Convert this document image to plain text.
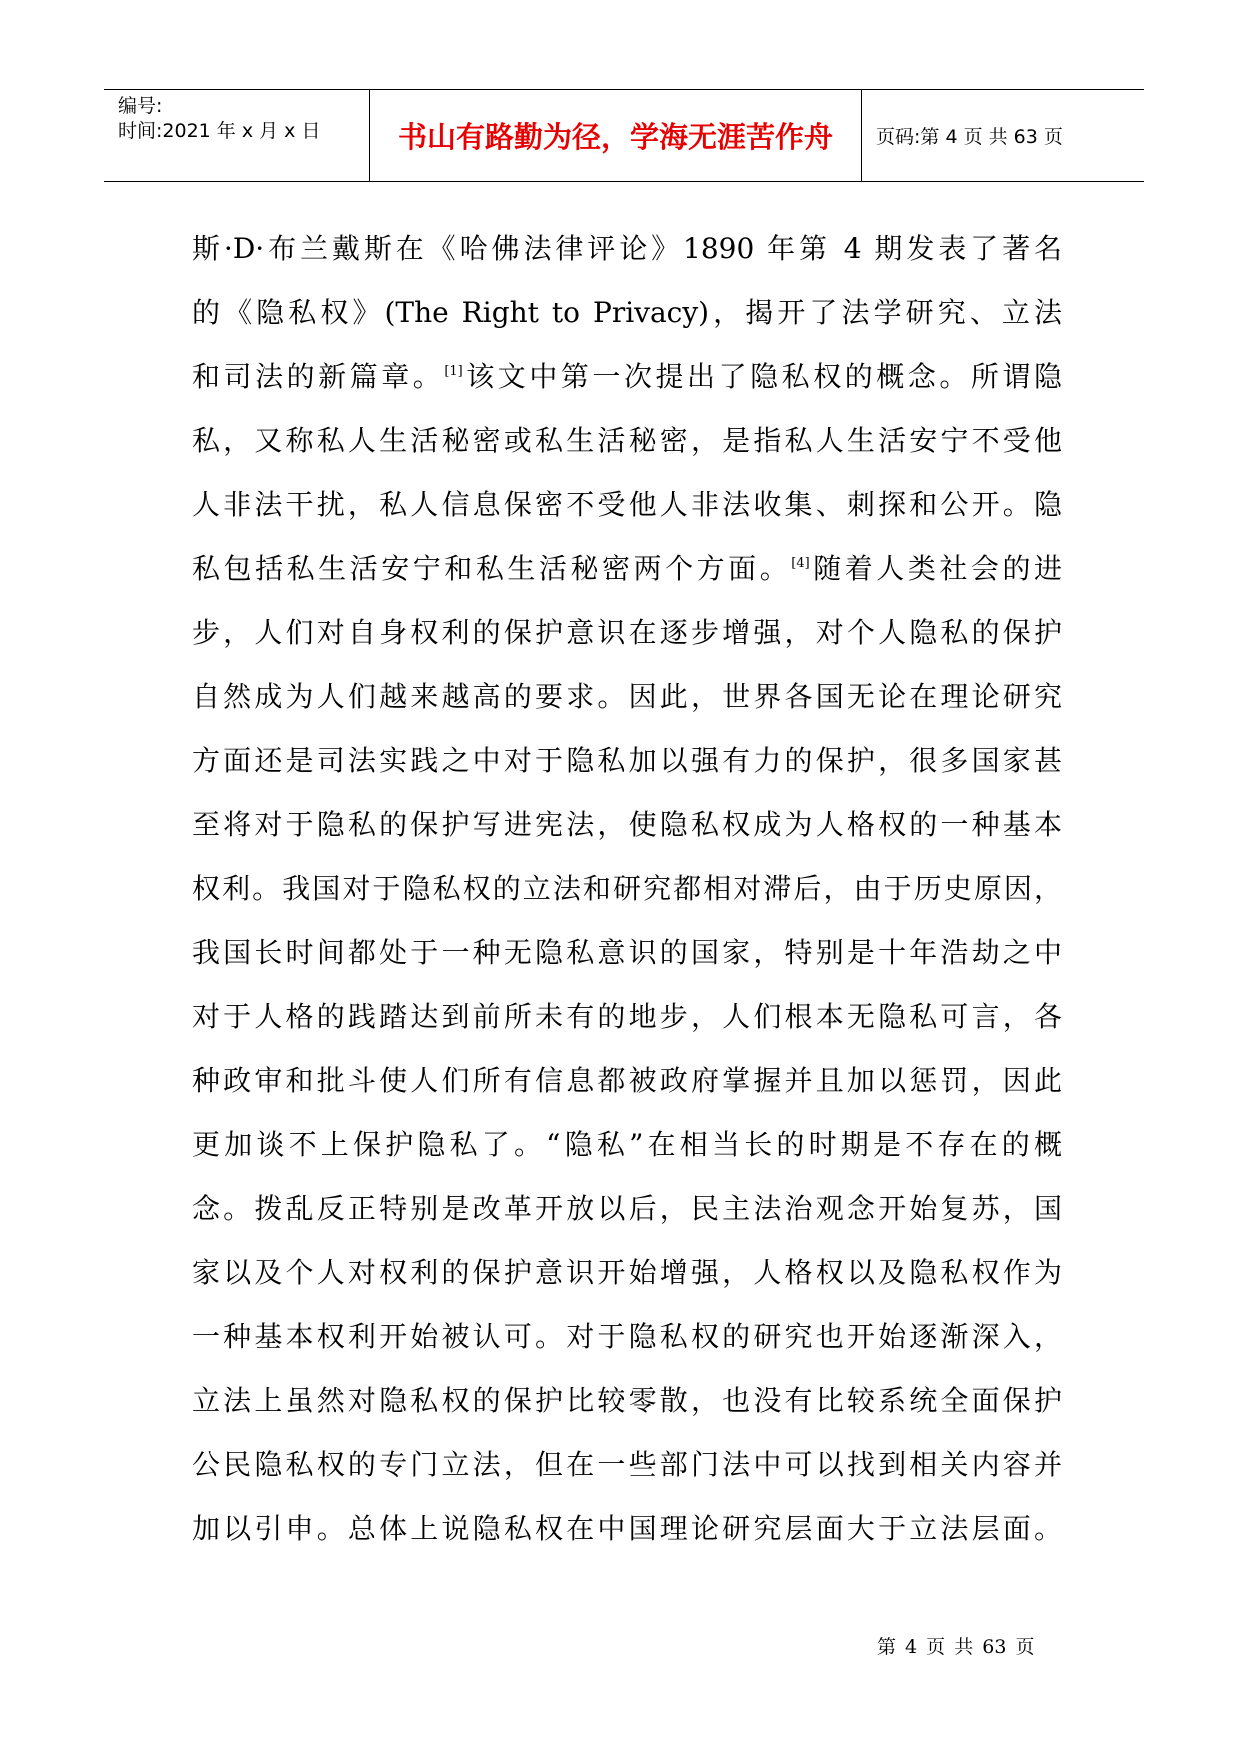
编号:
时间:2021 年 x 月 x 日	书山有路勤为径，学海无涯苦作舟	页码:第 4 页 共 63 页
斯·D·布兰戴斯在《哈佛法律评论》1890 年第 4 期发表了著名
的《隐私权》(The Right to Privacy)，揭开了法学研究、立法
和司法的新篇章。[1]该文中第一次提出了隐私权的概念。所谓隐
私，又称私人生活秘密或私生活秘密，是指私人生活安宁不受他
人非法干扰，私人信息保密不受他人非法收集、刺探和公开。隐
私包括私生活安宁和私生活秘密两个方面。[4]随着人类社会的进
步，人们对自身权利的保护意识在逐步增强，对个人隐私的保护
自然成为人们越来越高的要求。因此，世界各国无论在理论研究
方面还是司法实践之中对于隐私加以强有力的保护，很多国家甚
至将对于隐私的保护写进宪法，使隐私权成为人格权的一种基本
权利。我国对于隐私权的立法和研究都相对滞后，由于历史原因，
我国长时间都处于一种无隐私意识的国家，特别是十年浩劫之中
对于人格的践踏达到前所未有的地步，人们根本无隐私可言，各
种政审和批斗使人们所有信息都被政府掌握并且加以惩罚，因此
更加谈不上保护隐私了。“隐私”在相当长的时期是不存在的概
念。拨乱反正特别是改革开放以后，民主法治观念开始复苏，国
家以及个人对权利的保护意识开始增强，人格权以及隐私权作为
一种基本权利开始被认可。对于隐私权的研究也开始逐渐深入，
立法上虽然对隐私权的保护比较零散，也没有比较系统全面保护
公民隐私权的专门立法，但在一些部门法中可以找到相关内容并
加以引申。总体上说隐私权在中国理论研究层面大于立法层面。
第 4 页 共 63 页
